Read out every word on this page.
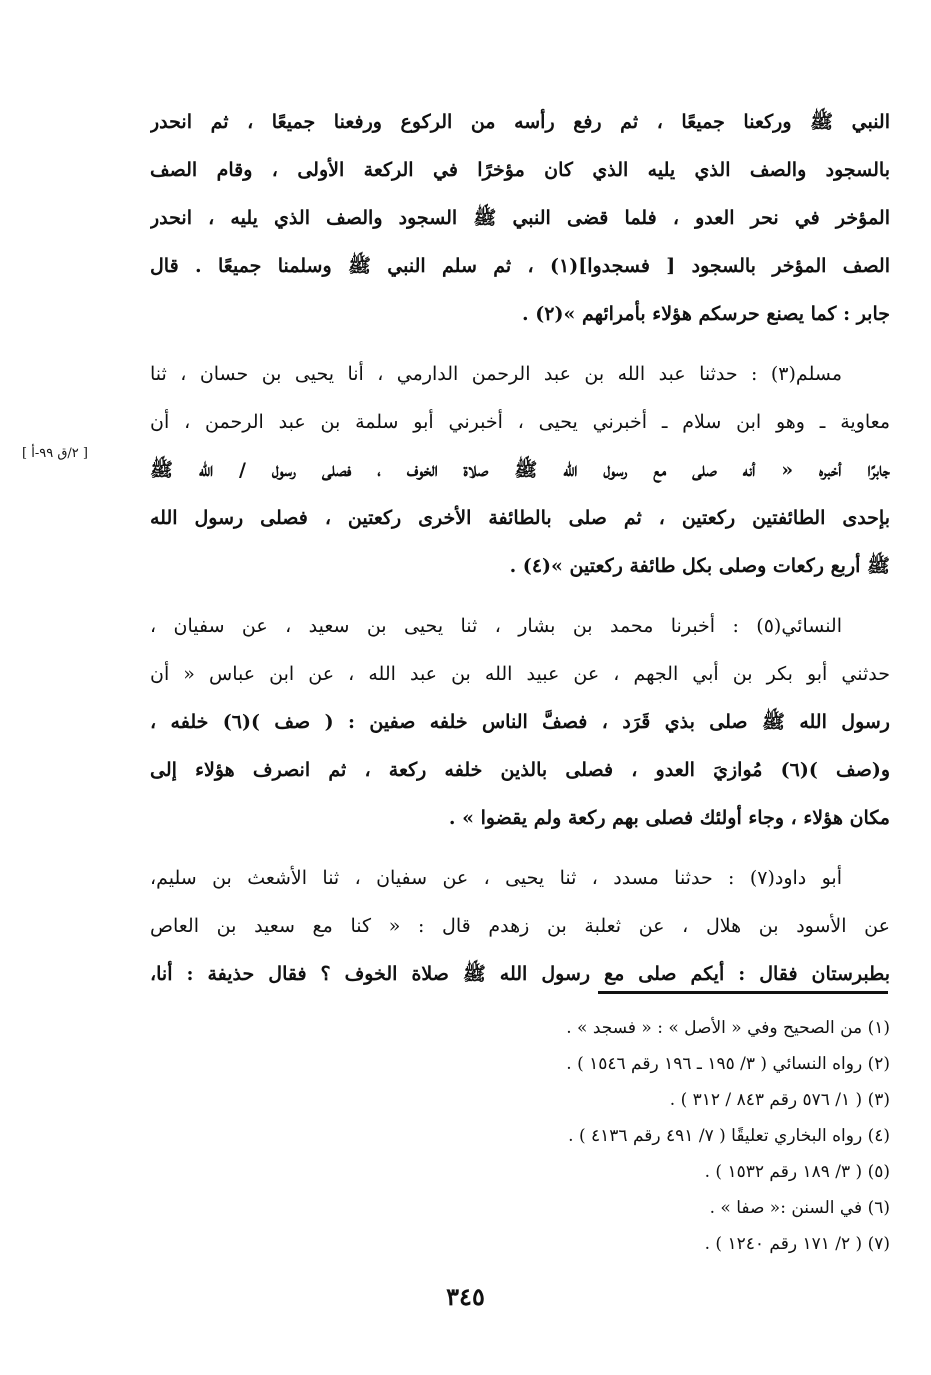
النبي ﷺ وركعنا جميعًا ، ثم رفع رأسه من الركوع ورفعنا جميعًا ، ثم انحدر
بالسجود والصف الذي يليه الذي كان مؤخرًا في الركعة الأولى ، وقام الصف
المؤخر في نحر العدو ، فلما قضى النبي ﷺ السجود والصف الذي يليه ، انحدر
الصف المؤخر بالسجود [ فسجدوا](١) ، ثم سلم النبي ﷺ وسلمنا جميعًا . قال
جابر : كما يصنع حرسكم هؤلاء بأمرائهم »(٢) .
مسلم(٣) : حدثنا عبد الله بن عبد الرحمن الدارمي ، أنا يحيى بن حسان ، ثنا
معاوية ـ وهو ابن سلام ـ أخبرني يحيى ، أخبرني أبو سلمة بن عبد الرحمن ، أن
جابرًا أخبره « أنه صلى مع رسول الله ﷺ صلاة الخوف ، فصلى رسول / الله ﷺ
بإحدى الطائفتين ركعتين ، ثم صلى بالطائفة الأخرى ركعتين ، فصلى رسول الله
ﷺ أربع ركعات وصلى بكل طائفة ركعتين »(٤) .
النسائي(٥) : أخبرنا محمد بن بشار ، ثنا يحيى بن سعيد ، عن سفيان ،
حدثني أبو بكر بن أبي الجهم ، عن عبيد الله بن عبد الله ، عن ابن عباس « أن
رسول الله ﷺ صلى بذي قَرَد ، فصفَّ الناس خلفه صفين : ( صف )(٦) خلفه ،
و(صف )(٦) مُوازيَ العدو ، فصلى بالذين خلفه ركعة ، ثم انصرف هؤلاء إلى
مكان هؤلاء ، وجاء أولئك فصلى بهم ركعة ولم يقضوا » .
أبو داود(٧) : حدثنا مسدد ، ثنا يحيى ، عن سفيان ، ثنا الأشعث بن سليم،
عن الأسود بن هلال ، عن ثعلبة بن زهدم قال : « كنا مع سعيد بن العاص
بطبرستان فقال : أيكم صلى مع رسول الله ﷺ صلاة الخوف ؟ فقال حذيفة : أنا،
[ ٢/ق ٩٩-أ ]
(١) من الصحيح وفي « الأصل » : « فسجد » .
(٢) رواه النسائي ( ٣/ ١٩٥ ـ ١٩٦ رقم ١٥٤٦ ) .
(٣) ( ١/ ٥٧٦ رقم ٨٤٣ / ٣١٢ ) .
(٤) رواه البخاري تعليقًا ( ٧/ ٤٩١ رقم ٤١٣٦ ) .
(٥) ( ٣/ ١٨٩ رقم ١٥٣٢ ) .
(٦) في السنن :« صفا » .
(٧) ( ٢/ ١٧١ رقم ١٢٤٠ ) .
٣٤٥
